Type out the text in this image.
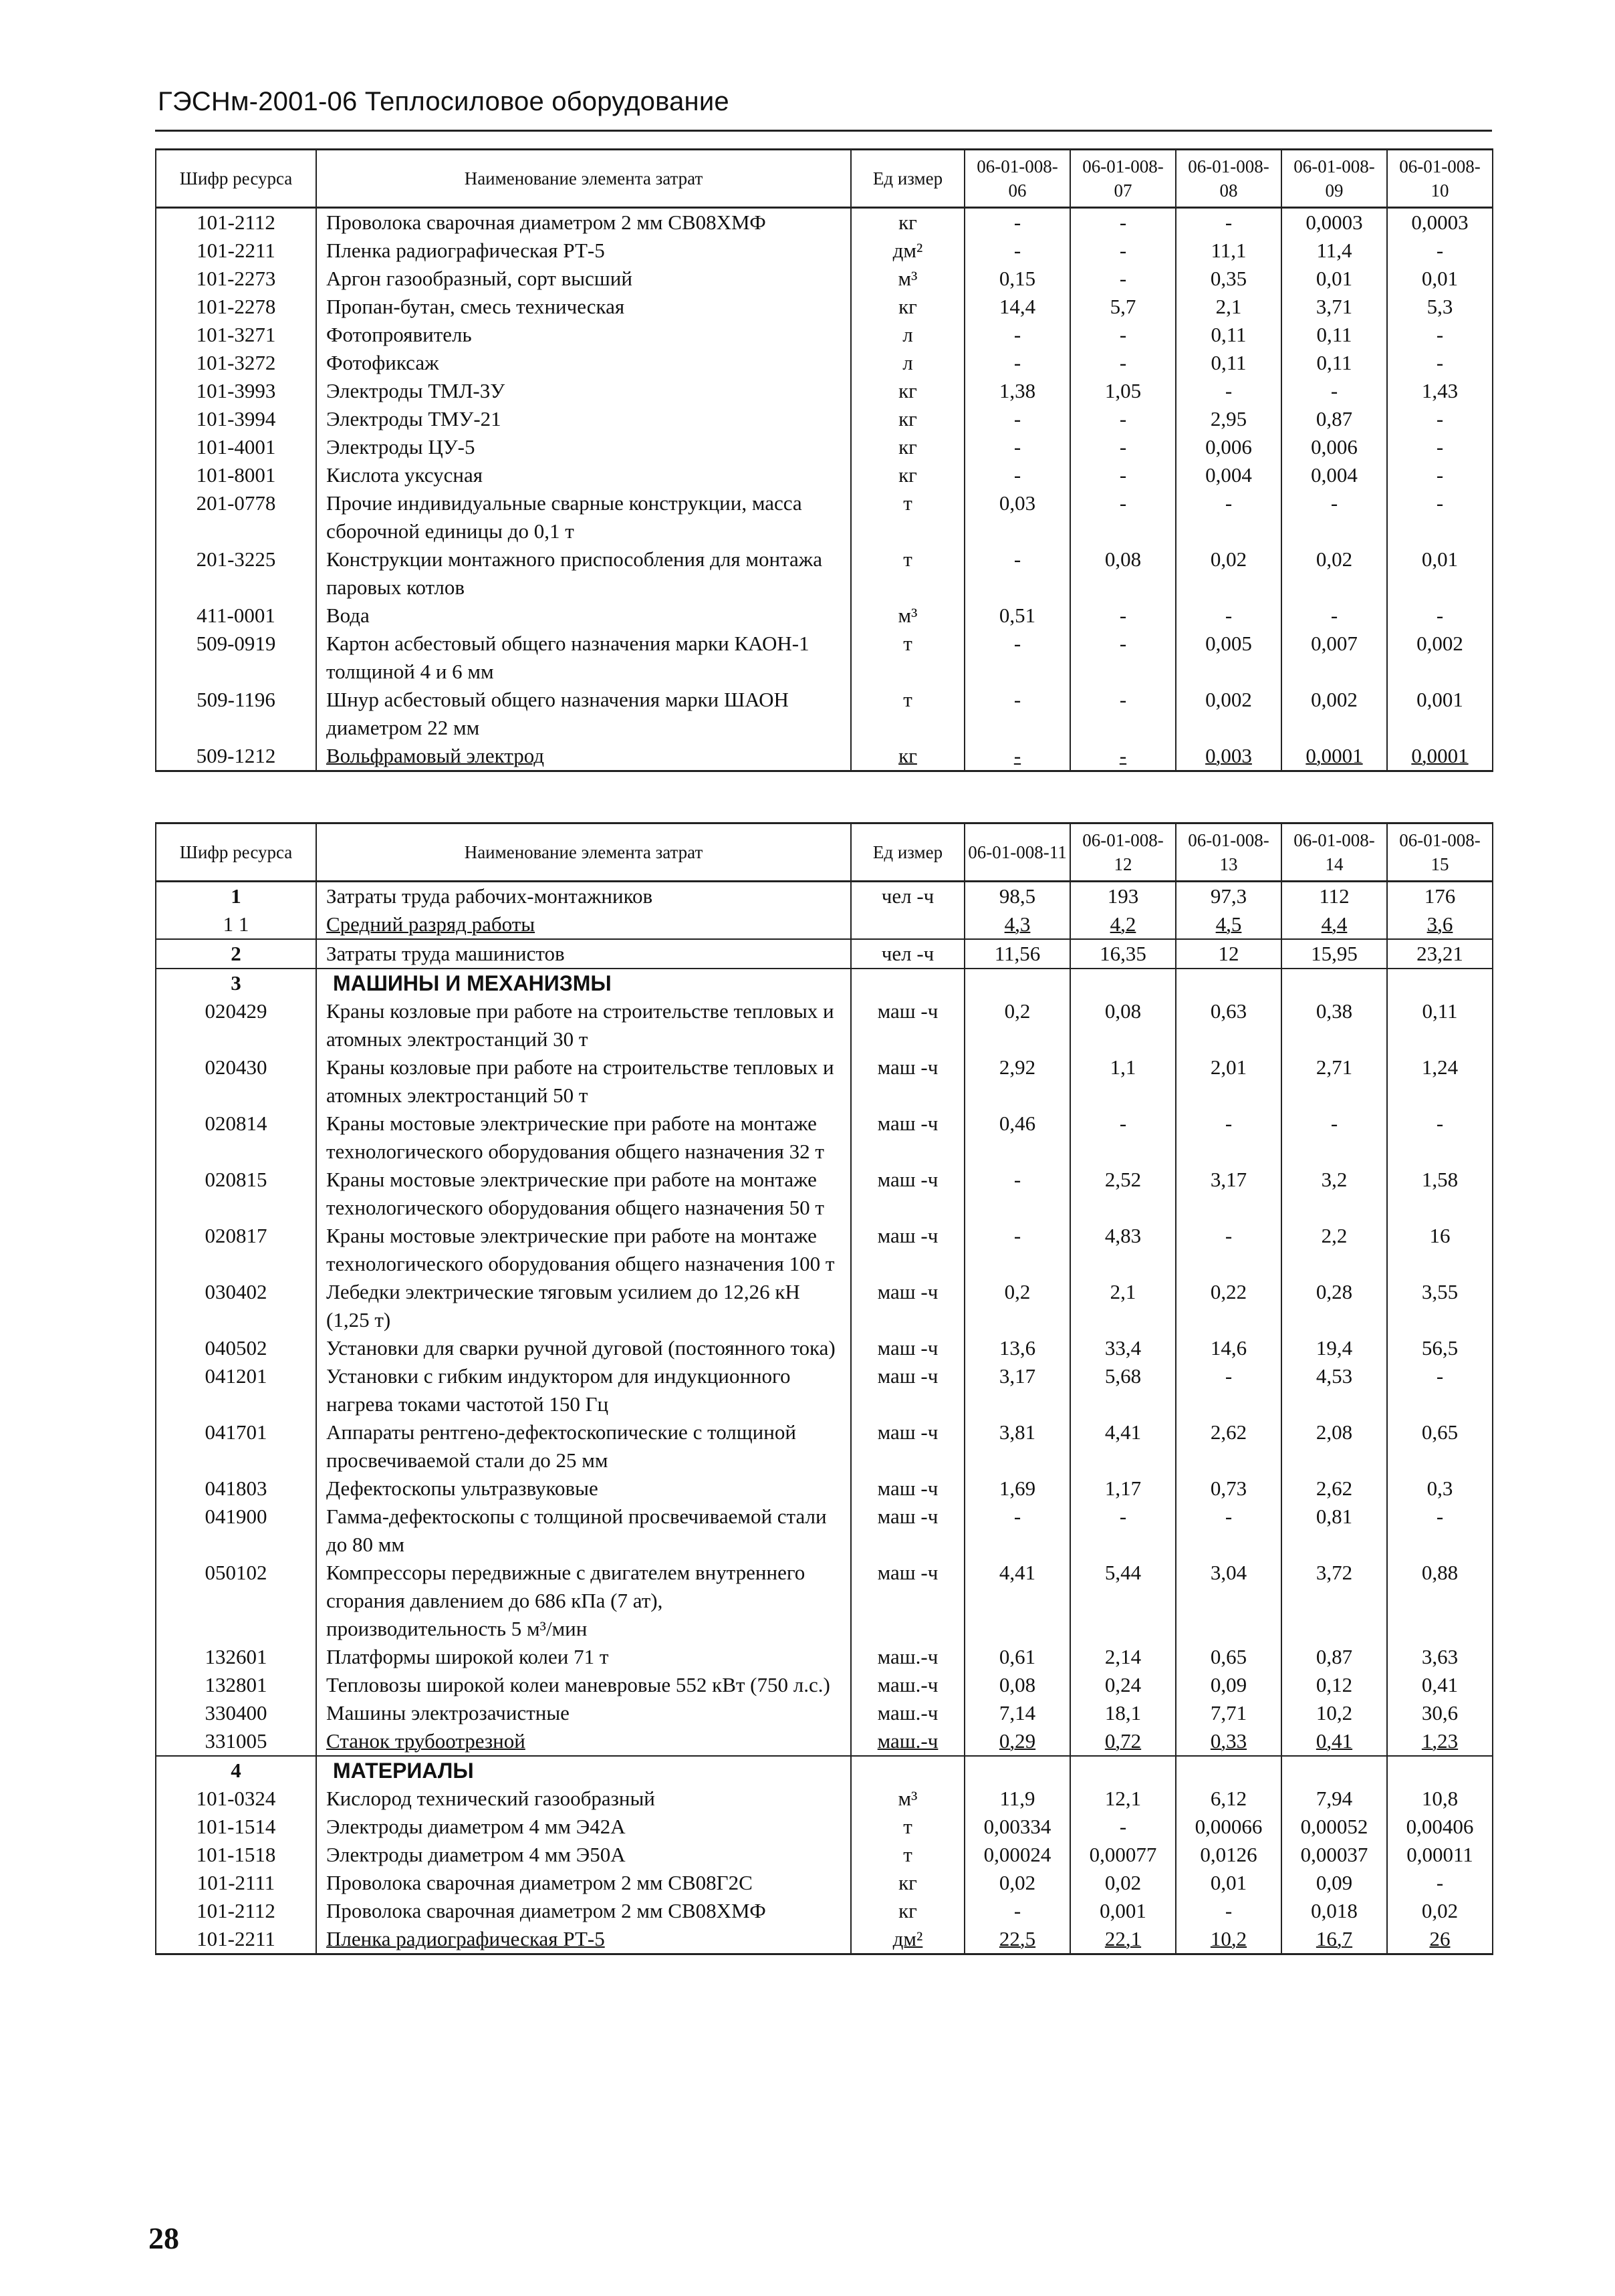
ГЭСНм-2001-06 Теплосиловое оборудование
Шифр ресурса	Наименование элемента затрат	Ед измер	06-01-008-06	06-01-008-07	06-01-008-08	06-01-008-09	06-01-008-10
101-2112	Проволока сварочная диаметром 2 мм СВ08ХМФ	кг	-	-	-	0,0003	0,0003
101-2211	Пленка радиографическая РТ-5	дм²	-	-	11,1	11,4	-
101-2273	Аргон газообразный, сорт высший	м³	0,15	-	0,35	0,01	0,01
101-2278	Пропан-бутан, смесь техническая	кг	14,4	5,7	2,1	3,71	5,3
101-3271	Фотопроявитель	л	-	-	0,11	0,11	-
101-3272	Фотофиксаж	л	-	-	0,11	0,11	-
101-3993	Электроды ТМЛ-3У	кг	1,38	1,05	-	-	1,43
101-3994	Электроды ТМУ-21	кг	-	-	2,95	0,87	-
101-4001	Электроды ЦУ-5	кг	-	-	0,006	0,006	-
101-8001	Кислота уксусная	кг	-	-	0,004	0,004	-
201-0778	Прочие индивидуальные сварные конструкции, масса сборочной единицы до 0,1 т	т	0,03	-	-	-	-
201-3225	Конструкции монтажного приспособления для монтажа паровых котлов	т	-	0,08	0,02	0,02	0,01
411-0001	Вода	м³	0,51	-	-	-	-
509-0919	Картон асбестовый общего назначения марки КАОН-1 толщиной 4 и 6 мм	т	-	-	0,005	0,007	0,002
509-1196	Шнур асбестовый общего назначения марки ШАОН диаметром 22 мм	т	-	-	0,002	0,002	0,001
509-1212	Вольфрамовый электрод	кг	-	-	0,003	0,0001	0,0001
Шифр ресурса	Наименование элемента затрат	Ед измер	06-01-008-11	06-01-008-12	06-01-008-13	06-01-008-14	06-01-008-15
1	Затраты труда рабочих-монтажников	чел -ч	98,5	193	97,3	112	176
1 1	Средний разряд работы		4,3	4,2	4,5	4,4	3,6
2	Затраты труда машинистов	чел -ч	11,56	16,35	12	15,95	23,21
3	МАШИНЫ И МЕХАНИЗМЫ						
020429	Краны козловые при работе на строительстве тепловых и атомных электростанций 30 т	маш -ч	0,2	0,08	0,63	0,38	0,11
020430	Краны козловые при работе на строительстве тепловых и атомных электростанций 50 т	маш -ч	2,92	1,1	2,01	2,71	1,24
020814	Краны мостовые электрические при работе на монтаже технологического оборудования общего назначения 32 т	маш -ч	0,46	-	-	-	-
020815	Краны мостовые электрические при работе на монтаже технологического оборудования общего назначения 50 т	маш -ч	-	2,52	3,17	3,2	1,58
020817	Краны мостовые электрические при работе на монтаже технологического оборудования общего назначения 100 т	маш -ч	-	4,83	-	2,2	16
030402	Лебедки электрические тяговым усилием до 12,26 кН (1,25 т)	маш -ч	0,2	2,1	0,22	0,28	3,55
040502	Установки для сварки ручной дуговой (постоянного тока)	маш -ч	13,6	33,4	14,6	19,4	56,5
041201	Установки с гибким индуктором для индукционного нагрева токами частотой 150 Гц	маш -ч	3,17	5,68	-	4,53	-
041701	Аппараты рентгено-дефектоскопические с толщиной просвечиваемой стали до 25 мм	маш -ч	3,81	4,41	2,62	2,08	0,65
041803	Дефектоскопы ультразвуковые	маш -ч	1,69	1,17	0,73	2,62	0,3
041900	Гамма-дефектоскопы с толщиной просвечиваемой стали до 80 мм	маш -ч	-	-	-	0,81	-
050102	Компрессоры передвижные с двигателем внутреннего сгорания давлением до 686 кПа (7 ат), производительность 5 м³/мин	маш -ч	4,41	5,44	3,04	3,72	0,88
132601	Платформы широкой колеи 71 т	маш.-ч	0,61	2,14	0,65	0,87	3,63
132801	Тепловозы широкой колеи маневровые 552 кВт (750 л.с.)	маш.-ч	0,08	0,24	0,09	0,12	0,41
330400	Машины электрозачистные	маш.-ч	7,14	18,1	7,71	10,2	30,6
331005	Станок трубоотрезной	маш.-ч	0,29	0,72	0,33	0,41	1,23
4	МАТЕРИАЛЫ						
101-0324	Кислород технический газообразный	м³	11,9	12,1	6,12	7,94	10,8
101-1514	Электроды диаметром 4 мм Э42А	т	0,00334	-	0,00066	0,00052	0,00406
101-1518	Электроды диаметром 4 мм Э50А	т	0,00024	0,00077	0,0126	0,00037	0,00011
101-2111	Проволока сварочная диаметром 2 мм СВ08Г2С	кг	0,02	0,02	0,01	0,09	-
101-2112	Проволока сварочная диаметром 2 мм СВ08ХМФ	кг	-	0,001	-	0,018	0,02
101-2211	Пленка радиографическая РТ-5	дм²	22,5	22,1	10,2	16,7	26
28
